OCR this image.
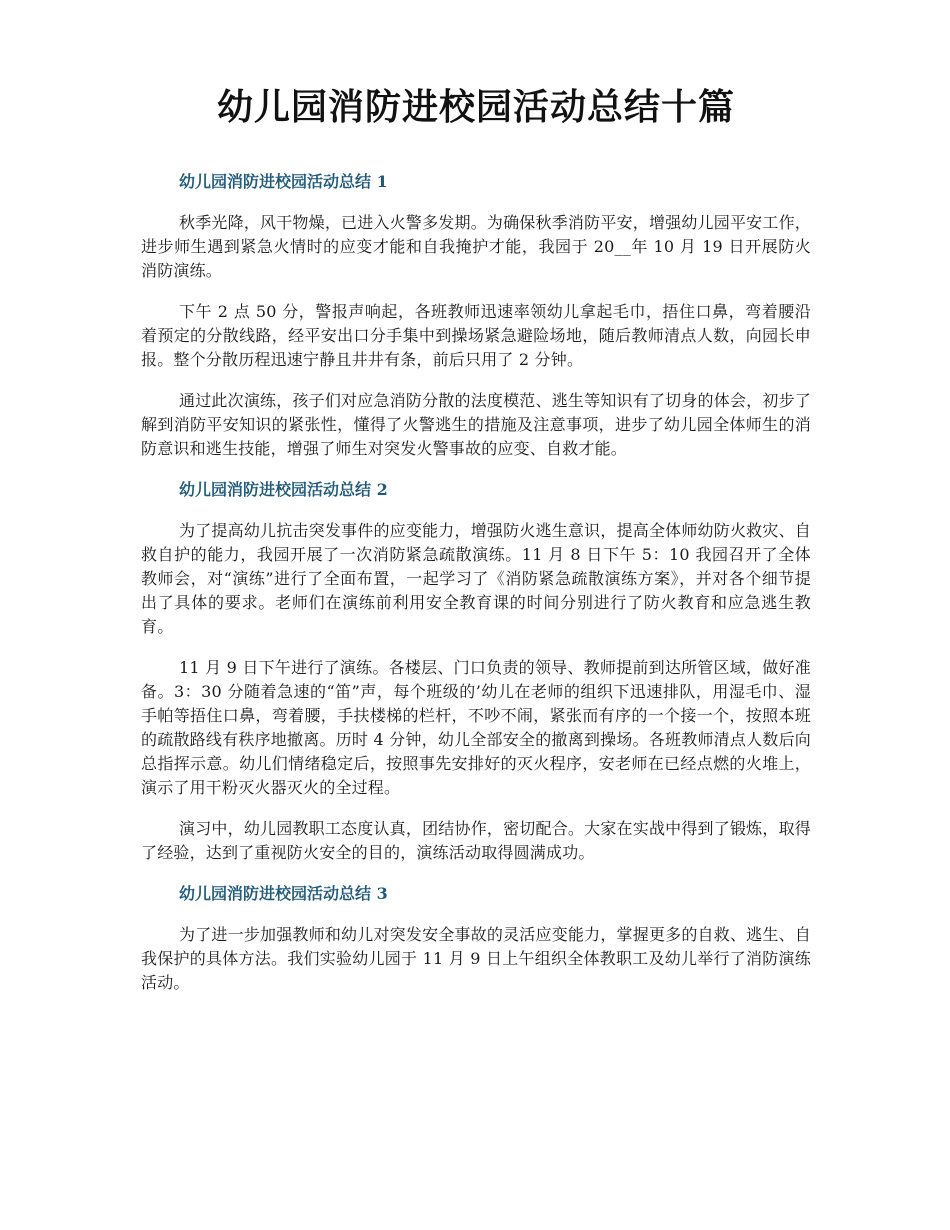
幼儿园消防进校园活动总结十篇

幼儿园消防进校园活动总结 1

秋季光降，风干物燥，已进入火警多发期。为确保秋季消防平安，增强幼儿园平安工作，进步师生遇到紧急火情时的应变才能和自我掩护才能，我园于 20__年 10 月 19 日开展防火消防演练。

下午 2 点 50 分，警报声响起，各班教师迅速率领幼儿拿起毛巾，捂住口鼻，弯着腰沿着预定的分散线路，经平安出口分手集中到操场紧急避险场地，随后教师清点人数，向园长申报。整个分散历程迅速宁静且井井有条，前后只用了 2 分钟。

通过此次演练，孩子们对应急消防分散的法度模范、逃生等知识有了切身的体会，初步了解到消防平安知识的紧张性，懂得了火警逃生的措施及注意事项，进步了幼儿园全体师生的消防意识和逃生技能，增强了师生对突发火警事故的应变、自救才能。

幼儿园消防进校园活动总结 2

为了提高幼儿抗击突发事件的应变能力，增强防火逃生意识，提高全体师幼防火救灾、自救自护的能力，我园开展了一次消防紧急疏散演练。11 月 8 日下午 5：10 我园召开了全体教师会，对“演练”进行了全面布置，一起学习了《消防紧急疏散演练方案》，并对各个细节提出了具体的要求。老师们在演练前利用安全教育课的时间分别进行了防火教育和应急逃生教育。

11 月 9 日下午进行了演练。各楼层、门口负责的领导、教师提前到达所管区域，做好准备。3：30 分随着急速的“笛”声，每个班级的’幼儿在老师的组织下迅速排队，用湿毛巾、湿手帕等捂住口鼻，弯着腰，手扶楼梯的栏杆，不吵不闹，紧张而有序的一个接一个，按照本班的疏散路线有秩序地撤离。历时 4 分钟，幼儿全部安全的撤离到操场。各班教师清点人数后向总指挥示意。幼儿们情绪稳定后，按照事先安排好的灭火程序，安老师在已经点燃的火堆上，演示了用干粉灭火器灭火的全过程。

演习中，幼儿园教职工态度认真，团结协作，密切配合。大家在实战中得到了锻炼，取得了经验，达到了重视防火安全的目的，演练活动取得圆满成功。

幼儿园消防进校园活动总结 3

为了进一步加强教师和幼儿对突发安全事故的灵活应变能力，掌握更多的自救、逃生、自我保护的具体方法。我们实验幼儿园于 11 月 9 日上午组织全体教职工及幼儿举行了消防演练活动。
